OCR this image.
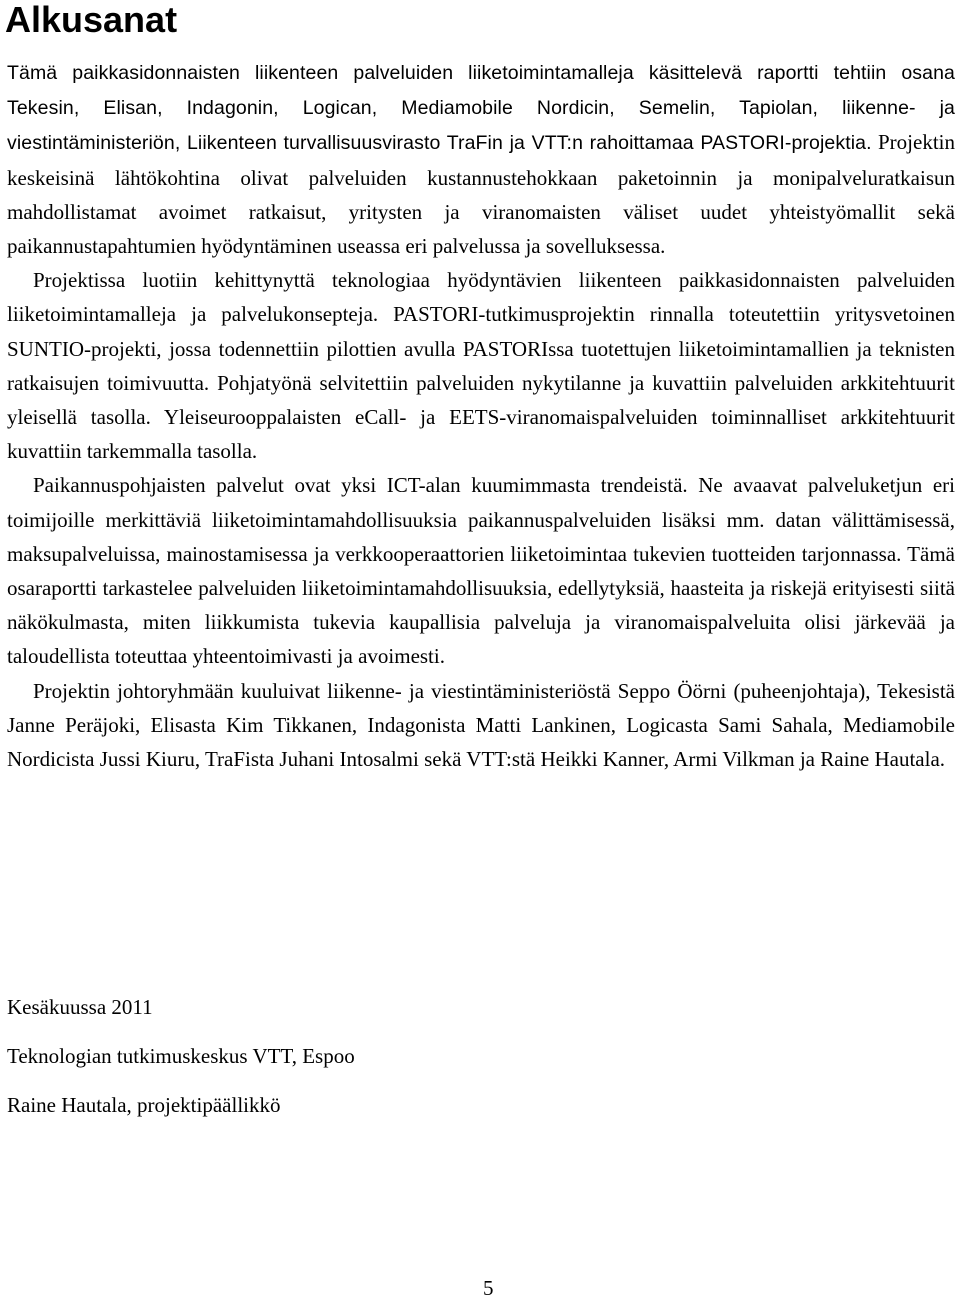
Alkusanat

Tämä paikkasidonnaisten liikenteen palveluiden liiketoimintamalleja käsittelevä raportti tehtiin osana Tekesin, Elisan, Indagonin, Logican, Mediamobile Nordicin, Semelin, Tapiolan, liikenne- ja viestintäministeriön, Liikenteen turvallisuusvirasto TraFin ja VTT:n rahoittamaa PASTORI-projektia. Projektin keskeisinä lähtökohtina olivat palveluiden kustannustehokkaan paketoinnin ja monipalveluratkaisun mahdollistamat avoimet ratkaisut, yritysten ja viranomaisten väliset uudet yhteistyömallit sekä paikannustapahtumien hyödyntäminen useassa eri palvelussa ja sovelluksessa.

Projektissa luotiin kehittynyttä teknologiaa hyödyntävien liikenteen paikkasidonnaisten palveluiden liiketoimintamalleja ja palvelukonsepteja. PASTORI-tutkimusprojektin rinnalla toteutettiin yritysvetoinen SUNTIO-projekti, jossa todennettiin pilottien avulla PASTORIssa tuotettujen liiketoimintamallien ja teknisten ratkaisujen toimivuutta. Pohjatyönä selvitettiin palveluiden nykytilanne ja kuvattiin palveluiden arkkitehtuurit yleisellä tasolla. Yleiseurooppalaisten eCall- ja EETS-viranomaispalveluiden toiminnalliset arkkitehtuurit kuvattiin tarkemmalla tasolla.

Paikannuspohjaisten palvelut ovat yksi ICT-alan kuumimmasta trendeistä. Ne avaavat palveluketjun eri toimijoille merkittäviä liiketoimintamahdollisuuksia paikannuspalveluiden lisäksi mm. datan välittämisessä, maksupalveluissa, mainostamisessa ja verkkooperaattorien liiketoimintaa tukevien tuotteiden tarjonnassa. Tämä osaraportti tarkastelee palveluiden liiketoimintamahdollisuuksia, edellytyksiä, haasteita ja riskejä erityisesti siitä näkökulmasta, miten liikkumista tukevia kaupallisia palveluja ja viranomaispalveluita olisi järkevää ja taloudellista toteuttaa yhteentoimivasti ja avoimesti.

Projektin johtoryhmään kuuluivat liikenne- ja viestintäministeriöstä Seppo Öörni (puheenjohtaja), Tekesistä Janne Peräjoki, Elisasta Kim Tikkanen, Indagonista Matti Lankinen, Logicasta Sami Sahala, Mediamobile Nordicista Jussi Kiuru, TraFista Juhani Intosalmi sekä VTT:stä Heikki Kanner, Armi Vilkman ja Raine Hautala.

Kesäkuussa 2011

Teknologian tutkimuskeskus VTT, Espoo

Raine Hautala, projektipäällikkö

5
